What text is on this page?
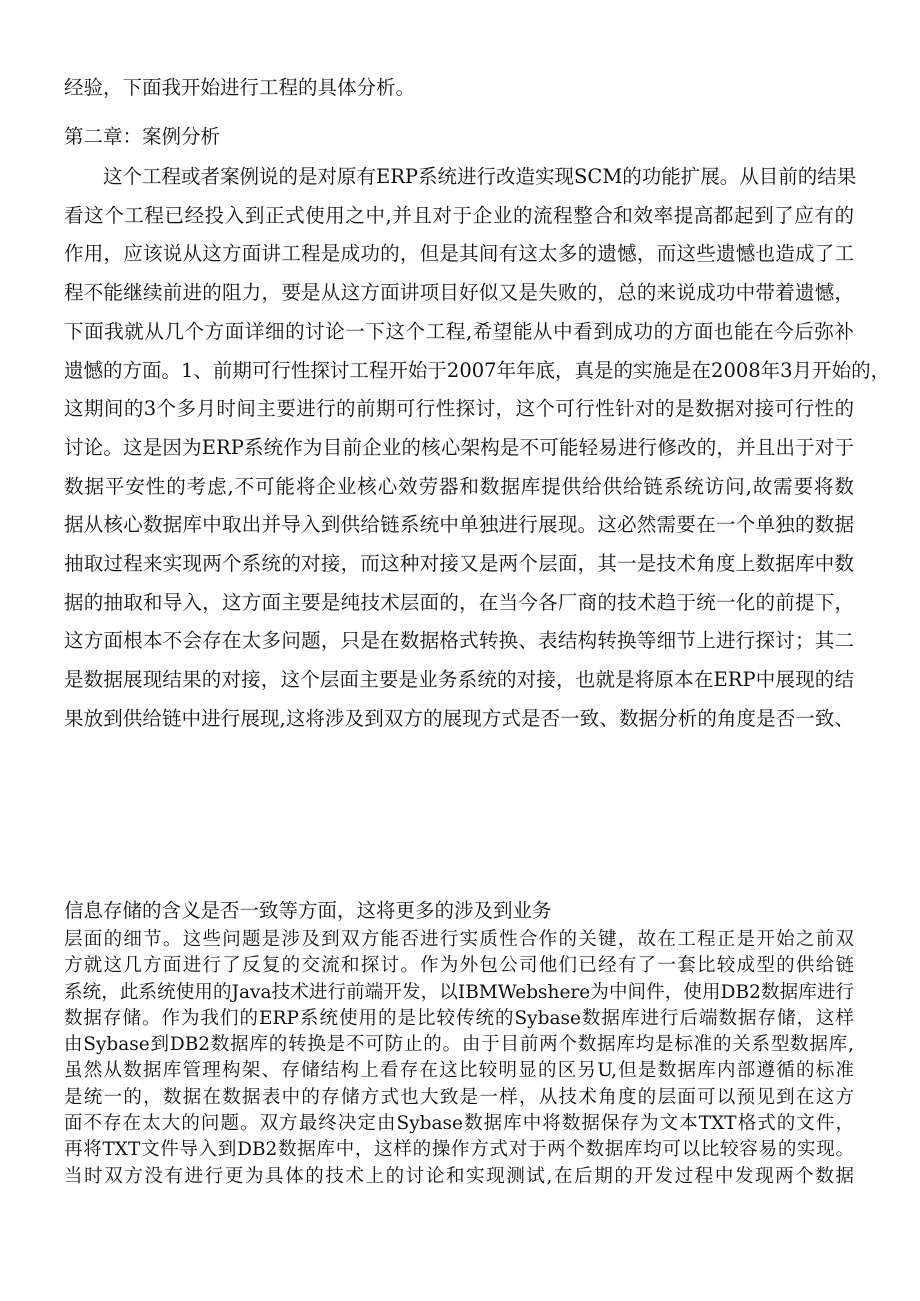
经验，下面我开始进行工程的具体分析。

第二章：案例分析
这个工程或者案例说的是对原有ERP系统进行改造实现SCM的功能扩展。从目前的结果
看这个工程已经投入到正式使用之中,并且对于企业的流程整合和效率提高都起到了应有的
作用，应该说从这方面讲工程是成功的，但是其间有这太多的遗憾，而这些遗憾也造成了工
程不能继续前进的阻力，要是从这方面讲项目好似又是失败的，总的来说成功中带着遗憾，
下面我就从几个方面详细的讨论一下这个工程,希望能从中看到成功的方面也能在今后弥补
遗憾的方面。1、前期可行性探讨工程开始于2007年年底，真是的实施是在2008年3月开始的，
这期间的3个多月时间主要进行的前期可行性探讨，这个可行性针对的是数据对接可行性的
讨论。这是因为ERP系统作为目前企业的核心架构是不可能轻易进行修改的，并且出于对于
数据平安性的考虑,不可能将企业核心效劳器和数据库提供给供给链系统访问,故需要将数
据从核心数据库中取出并导入到供给链系统中单独进行展现。这必然需要在一个单独的数据
抽取过程来实现两个系统的对接，而这种对接又是两个层面，其一是技术角度上数据库中数
据的抽取和导入，这方面主要是纯技术层面的，在当今各厂商的技术趋于统一化的前提下，
这方面根本不会存在太多问题，只是在数据格式转换、表结构转换等细节上进行探讨；其二
是数据展现结果的对接，这个层面主要是业务系统的对接，也就是将原本在ERP中展现的结
果放到供给链中进行展现,这将涉及到双方的展现方式是否一致、数据分析的角度是否一致、

信息存储的含义是否一致等方面，这将更多的涉及到业务

层面的细节。这些问题是涉及到双方能否进行实质性合作的关键，故在工程正是开始之前双
方就这几方面进行了反复的交流和探讨。作为外包公司他们已经有了一套比较成型的供给链
系统，此系统使用的Java技术进行前端开发，以IBMWebshere为中间件，使用DB2数据库进行
数据存储。作为我们的ERP系统使用的是比较传统的Sybase数据库进行后端数据存储，这样
由Sybase到DB2数据库的转换是不可防止的。由于目前两个数据库均是标准的关系型数据库,
虽然从数据库管理构架、存储结构上看存在这比较明显的区另U,但是数据库内部遵循的标准
是统一的，数据在数据表中的存储方式也大致是一样，从技术角度的层面可以预见到在这方
面不存在太大的问题。双方最终决定由Sybase数据库中将数据保存为文本TXT格式的文件，
再将TXT文件导入到DB2数据库中，这样的操作方式对于两个数据库均可以比较容易的实现。
当时双方没有进行更为具体的技术上的讨论和实现测试,在后期的开发过程中发现两个数据
